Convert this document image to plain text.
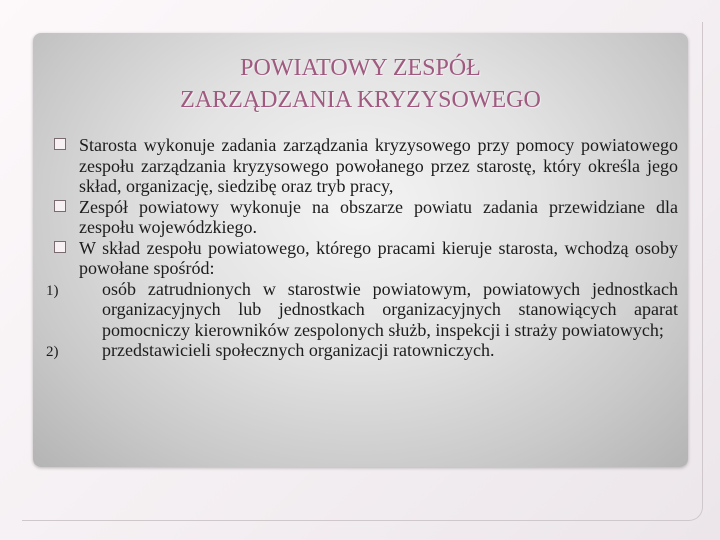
POWIATOWY ZESPÓŁ
ZARZĄDZANIA KRYZYSOWEGO
Starosta wykonuje zadania zarządzania kryzysowego przy pomocy powiatowego zespołu zarządzania kryzysowego powołanego przez starostę, który określa jego skład, organizację, siedzibę oraz tryb pracy,
Zespół powiatowy wykonuje na obszarze powiatu zadania przewidziane dla zespołu wojewódzkiego.
W skład zespołu powiatowego, którego pracami kieruje starosta, wchodzą osoby powołane spośród:
1) osób zatrudnionych w starostwie powiatowym, powiatowych jednostkach organizacyjnych lub jednostkach organizacyjnych stanowiących aparat pomocniczy kierowników zespolonych służb, inspekcji i straży powiatowych;
2) przedstawicieli społecznych organizacji ratowniczych.
